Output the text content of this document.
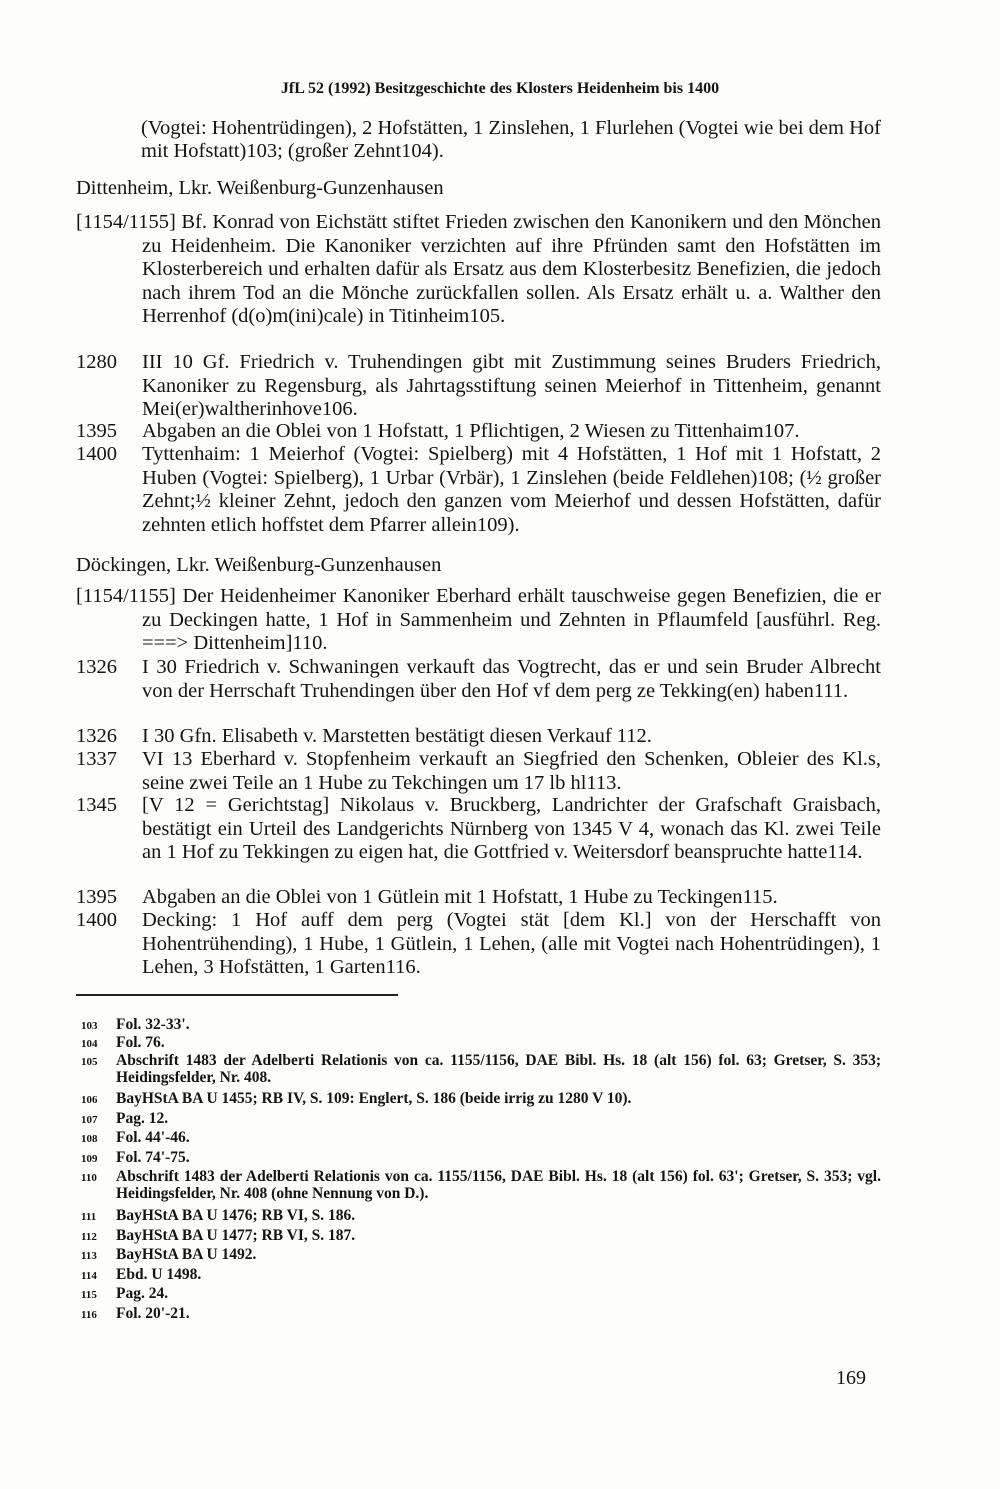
JfL 52 (1992) Besitzgeschichte des Klosters Heidenheim bis 1400
(Vogtei: Hohentrüdingen), 2 Hofstätten, 1 Zinslehen, 1 Flurlehen (Vogtei wie bei dem Hof mit Hofstatt)103; (großer Zehnt104).
Dittenheim, Lkr. Weißenburg-Gunzenhausen
[1154/1155] Bf. Konrad von Eichstätt stiftet Frieden zwischen den Kanonikern und den Mönchen zu Heidenheim. Die Kanoniker verzichten auf ihre Pfründen samt den Hofstätten im Klosterbereich und erhalten dafür als Ersatz aus dem Klosterbesitz Benefizien, die jedoch nach ihrem Tod an die Mönche zurückfallen sollen. Als Ersatz erhält u. a. Walther den Herrenhof (d(o)m(ini)cale) in Titinheim105.
1280	III 10 Gf. Friedrich v. Truhendingen gibt mit Zustimmung seines Bruders Friedrich, Kanoniker zu Regensburg, als Jahrtagsstiftung seinen Meierhof in Tittenheim, genannt Mei(er)waltherinhove106.
1395	Abgaben an die Oblei von 1 Hofstatt, 1 Pflichtigen, 2 Wiesen zu Tittenhaim107.
1400	Tyttenhaim: 1 Meierhof (Vogtei: Spielberg) mit 4 Hofstätten, 1 Hof mit 1 Hofstatt, 2 Huben (Vogtei: Spielberg), 1 Urbar (Vrbär), 1 Zinslehen (beide Feldlehen)108; (½ großer Zehnt;½ kleiner Zehnt, jedoch den ganzen vom Meierhof und dessen Hofstätten, dafür zehnten etlich hoffstet dem Pfarrer allein109).
Döckingen, Lkr. Weißenburg-Gunzenhausen
[1154/1155] Der Heidenheimer Kanoniker Eberhard erhält tauschweise gegen Benefizien, die er zu Deckingen hatte, 1 Hof in Sammenheim und Zehnten in Pflaumfeld [ausführl. Reg. ===> Dittenheim]110.
1326	I 30 Friedrich v. Schwaningen verkauft das Vogtrecht, das er und sein Bruder Albrecht von der Herrschaft Truhendingen über den Hof vf dem perg ze Tekking(en) haben111.
1326	I 30 Gfn. Elisabeth v. Marstetten bestätigt diesen Verkauf 112.
1337	VI 13 Eberhard v. Stopfenheim verkauft an Siegfried den Schenken, Obleier des Kl.s, seine zwei Teile an 1 Hube zu Tekchingen um 17 lb hl113.
1345	[V 12 = Gerichtstag] Nikolaus v. Bruckberg, Landrichter der Grafschaft Graisbach, bestätigt ein Urteil des Landgerichts Nürnberg von 1345 V 4, wonach das Kl. zwei Teile an 1 Hof zu Tekkingen zu eigen hat, die Gottfried v. Weitersdorf beanspruchte hatte114.
1395	Abgaben an die Oblei von 1 Gütlein mit 1 Hofstatt, 1 Hube zu Teckingen115.
1400	Decking: 1 Hof auff dem perg (Vogtei stät [dem Kl.] von der Herschafft von Hohentrühending), 1 Hube, 1 Gütlein, 1 Lehen, (alle mit Vogtei nach Hohentrüdingen), 1 Lehen, 3 Hofstätten, 1 Garten116.
103	Fol. 32-33'.
104	Fol. 76.
105	Abschrift 1483 der Adelberti Relationis von ca. 1155/1156, DAE Bibl. Hs. 18 (alt 156) fol. 63; Gretser, S. 353; Heidingsfelder, Nr. 408.
106	BayHStA BA U 1455; RB IV, S. 109: Englert, S. 186 (beide irrig zu 1280 V 10).
107	Pag. 12.
108	Fol. 44'-46.
109	Fol. 74'-75.
110	Abschrift 1483 der Adelberti Relationis von ca. 1155/1156, DAE Bibl. Hs. 18 (alt 156) fol. 63'; Gretser, S. 353; vgl. Heidingsfelder, Nr. 408 (ohne Nennung von D.).
111	BayHStA BA U 1476; RB VI, S. 186.
112	BayHStA BA U 1477; RB VI, S. 187.
113	BayHStA BA U 1492.
114	Ebd. U 1498.
115	Pag. 24.
116	Fol. 20'-21.
169
